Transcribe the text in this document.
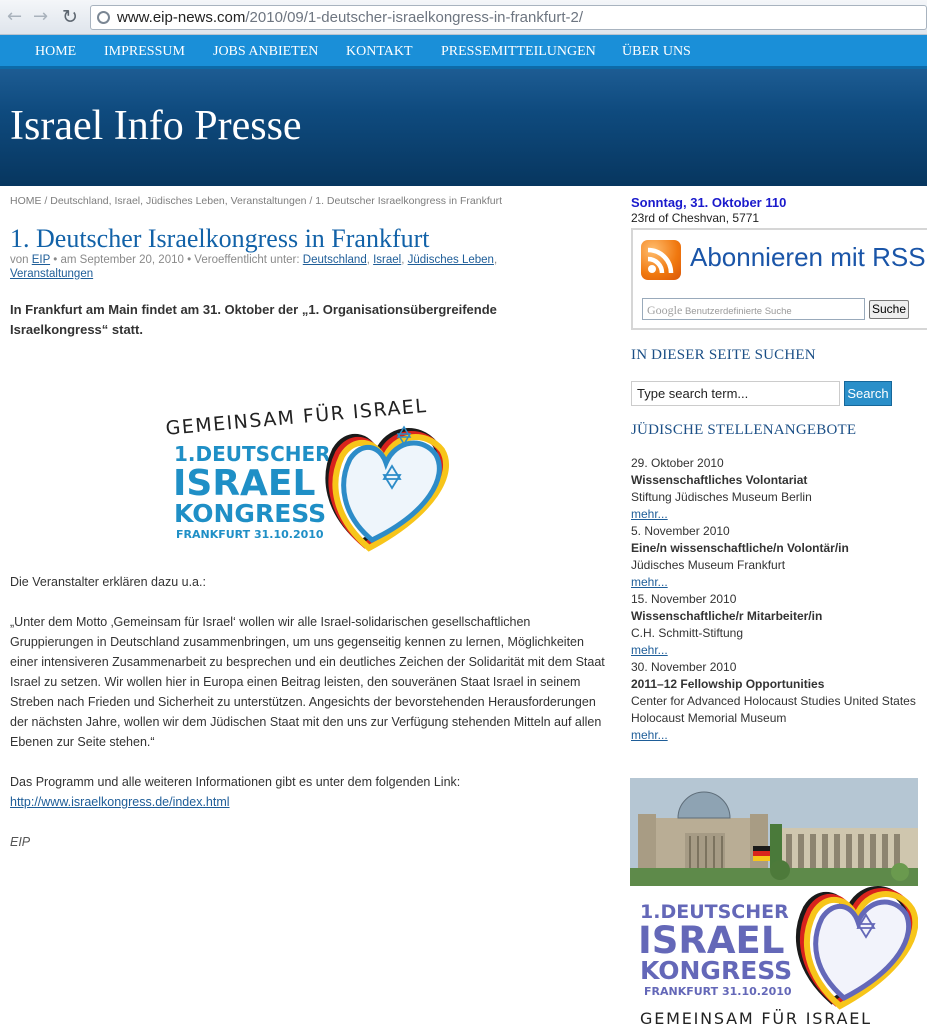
← → ↻	www.eip-news.com/2010/09/1-deutscher-israelkongress-in-frankfurt-2/
HOME IMPRESSUM JOBS ANBIETEN KONTAKT PRESSEMITTEILUNGEN ÜBER UNS
Israel Info Presse
HOME / Deutschland, Israel, Jüdisches Leben, Veranstaltungen / 1. Deutscher Israelkongress in Frankfurt
1. Deutscher Israelkongress in Frankfurt
von EIP • am September 20, 2010 • Veroeffentlicht unter: Deutschland, Israel, Jüdisches Leben, Veranstaltungen
In Frankfurt am Main findet am 31. Oktober der „1. Organisationsübergreifende Israelkongress“ statt.
GEMEINSAM FÜR ISRAEL
1.DEUTSCHER
ISRAEL
KONGRESS
FRANKFURT 31.10.2010
Die Veranstalter erklären dazu u.a.:
„Unter dem Motto ‚Gemeinsam für Israel‘ wollen wir alle Israel-solidarischen gesellschaftlichen Gruppierungen in Deutschland zusammenbringen, um uns gegenseitig kennen zu lernen, Möglichkeiten einer intensiveren Zusammenarbeit zu besprechen und ein deutliches Zeichen der Solidarität mit dem Staat Israel zu setzen. Wir wollen hier in Europa einen Beitrag leisten, den souveränen Staat Israel in seinem Streben nach Frieden und Sicherheit zu unterstützen. Angesichts der bevorstehenden Herausforderungen der nächsten Jahre, wollen wir dem Jüdischen Staat mit den uns zur Verfügung stehenden Mitteln auf allen Ebenen zur Seite stehen.“
Das Programm und alle weiteren Informationen gibt es unter dem folgenden Link:
http://www.israelkongress.de/index.html
EIP
Sonntag, 31. Oktober 110
23rd of Cheshvan, 5771
Abonnieren mit RSS
Google Benutzerdefinierte Suche	Suche
IN DIESER SEITE SUCHEN
Type search term...	Search
JÜDISCHE STELLENANGEBOTE
29. Oktober 2010
Wissenschaftliches Volontariat
Stiftung Jüdisches Museum Berlin
mehr...
5. November 2010
Eine/n wissenschaftliche/n Volontär/in
Jüdisches Museum Frankfurt
mehr...
15. November 2010
Wissenschaftliche/r Mitarbeiter/in
C.H. Schmitt-Stiftung
mehr...
30. November 2010
2011–12 Fellowship Opportunities
Center for Advanced Holocaust Studies United States Holocaust Memorial Museum
mehr...
1.DEUTSCHER
ISRAEL
KONGRESS
FRANKFURT 31.10.2010
GEMEINSAM FÜR ISRAEL
